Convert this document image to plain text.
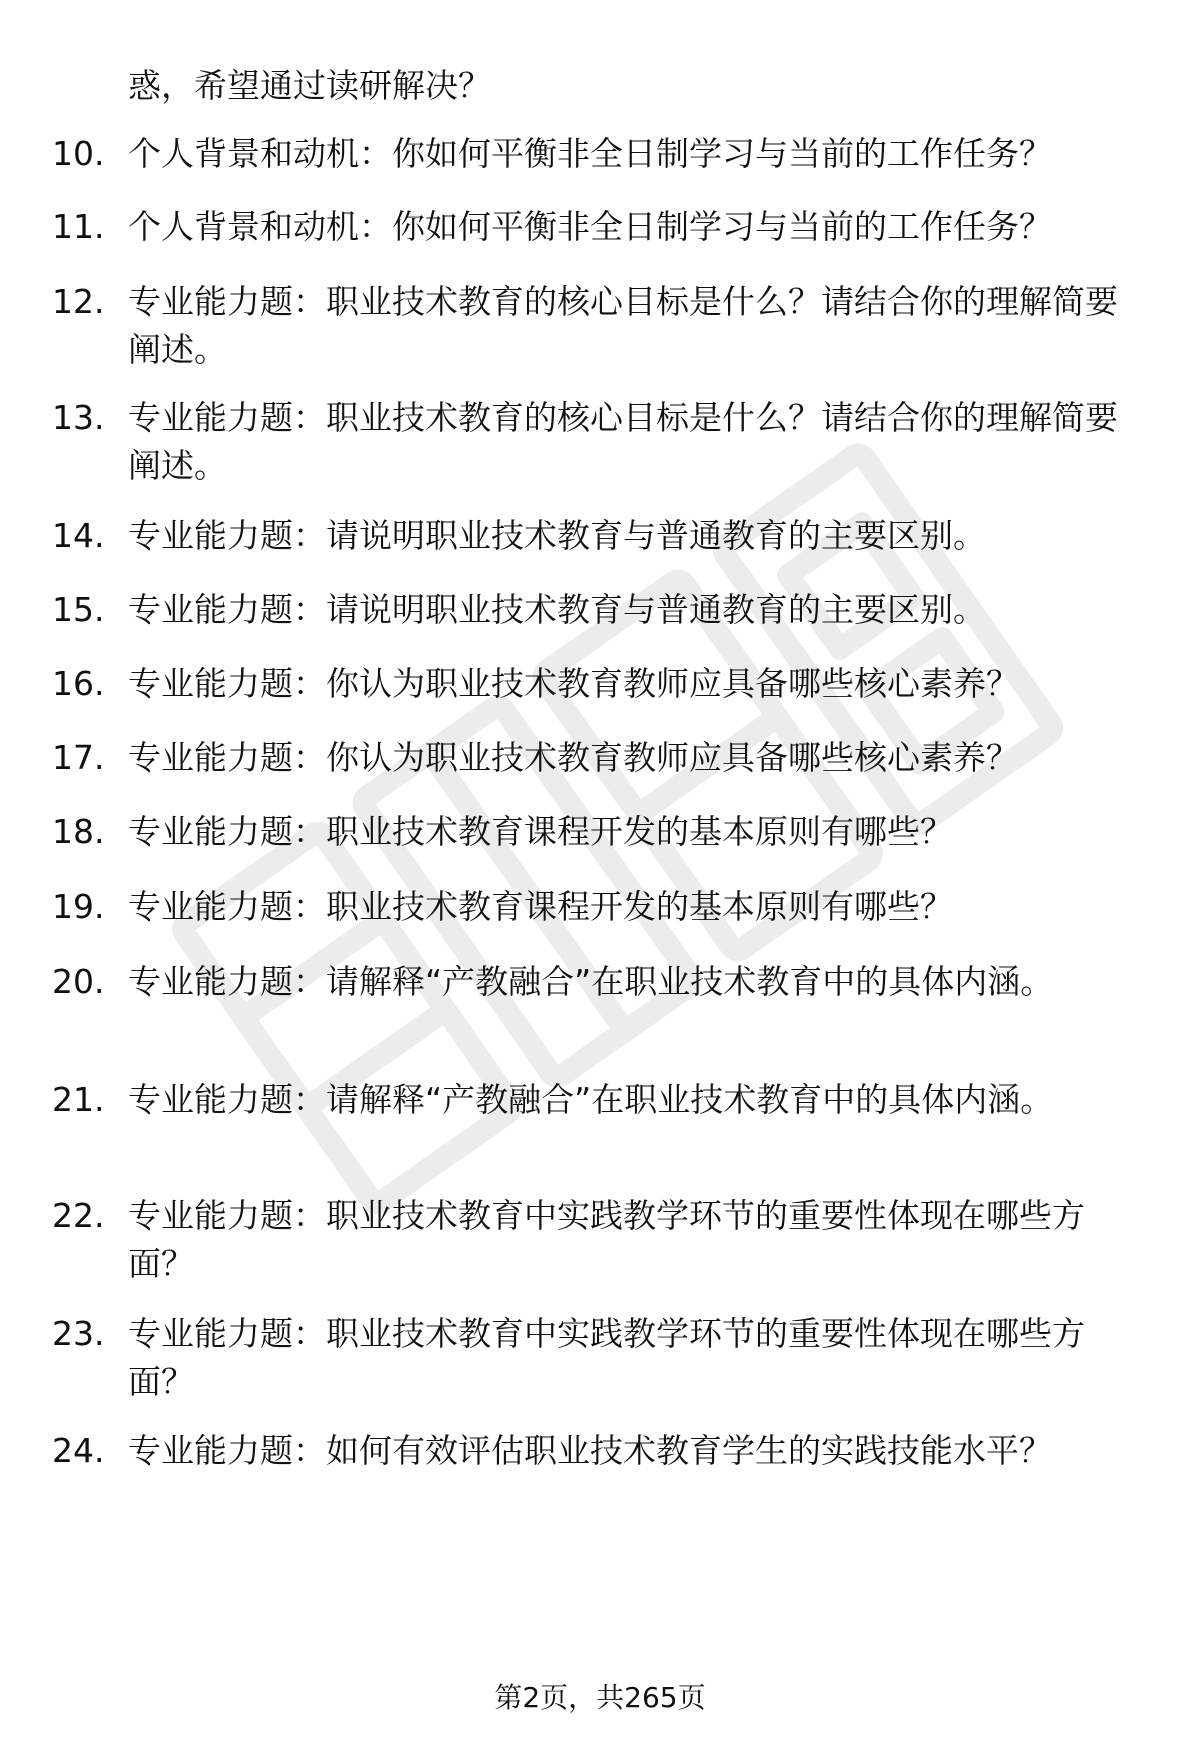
惑，希望通过读研解决？
10. 个人背景和动机：你如何平衡非全日制学习与当前的工作任务？
11. 个人背景和动机：你如何平衡非全日制学习与当前的工作任务？
12. 专业能力题：职业技术教育的核心目标是什么？请结合你的理解简要阐述。
13. 专业能力题：职业技术教育的核心目标是什么？请结合你的理解简要阐述。
14. 专业能力题：请说明职业技术教育与普通教育的主要区别。
15. 专业能力题：请说明职业技术教育与普通教育的主要区别。
16. 专业能力题：你认为职业技术教育教师应具备哪些核心素养？
17. 专业能力题：你认为职业技术教育教师应具备哪些核心素养？
18. 专业能力题：职业技术教育课程开发的基本原则有哪些？
19. 专业能力题：职业技术教育课程开发的基本原则有哪些？
20. 专业能力题：请解释“产教融合”在职业技术教育中的具体内涵。
21. 专业能力题：请解释“产教融合”在职业技术教育中的具体内涵。
22. 专业能力题：职业技术教育中实践教学环节的重要性体现在哪些方面？
23. 专业能力题：职业技术教育中实践教学环节的重要性体现在哪些方面？
24. 专业能力题：如何有效评估职业技术教育学生的实践技能水平？
第2页，共265页
